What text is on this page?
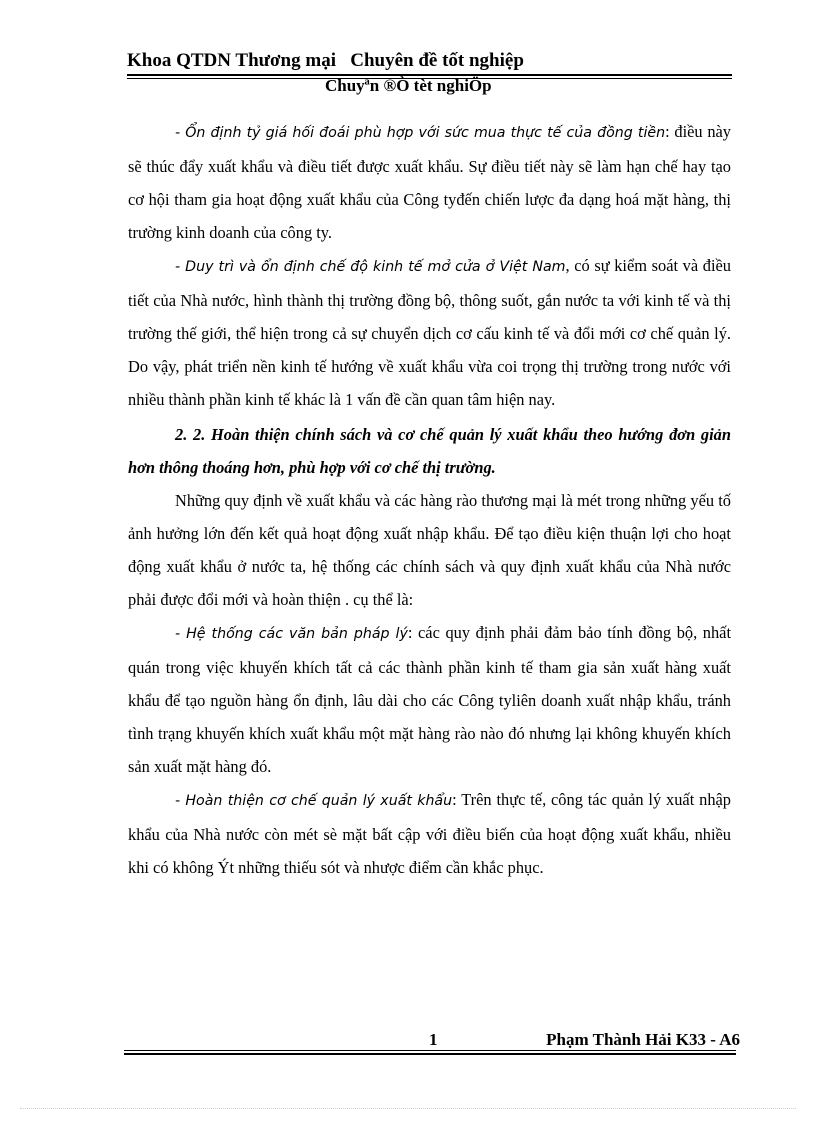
Khoa QTDN Thương mại Chuyên đề tốt nghiệp
Chuyªn ®Ò tèt nghiÖp

- Ổn định tỷ giá hối đoái phù hợp với sức mua thực tế của đồng tiền: điều này sẽ thúc đẩy xuất khẩu và điều tiết được xuất khẩu. Sự điều tiết này sẽ làm hạn chế hay tạo cơ hội tham gia hoạt động xuất khẩu của Công tyđến chiến lược đa dạng hoá mặt hàng, thị trường kinh doanh của công ty.

- Duy trì và ổn định chế độ kinh tế mở cửa ở Việt Nam, có sự kiểm soát và điều tiết của Nhà nước, hình thành thị trường đồng bộ, thông suốt, gắn nước ta với kinh tế và thị trường thế giới, thể hiện trong cả sự chuyển dịch cơ cấu kinh tế và đổi mới cơ chế quản lý. Do vậy, phát triển nền kinh tế hướng về xuất khẩu vừa coi trọng thị trường trong nước với nhiều thành phần kinh tế khác là 1 vấn đề cần quan tâm hiện nay.

2. 2. Hoàn thiện chính sách và cơ chế quản lý xuất khẩu theo hướng đơn giản hơn thông thoáng hơn, phù hợp với cơ chế thị trường.

Những quy định về xuất khẩu và các hàng rào thương mại là mét trong những yếu tố ảnh hưởng lớn đến kết quả hoạt động xuất nhập khẩu. Để tạo điều kiện thuận lợi cho hoạt động xuất khẩu ở nước ta, hệ thống các chính sách và quy định xuất khẩu của Nhà nước phải được đổi mới và hoàn thiện . cụ thể là:

- Hệ thống các văn bản pháp lý: các quy định phải đảm bảo tính đồng bộ, nhất quán trong việc khuyến khích tất cả các thành phần kinh tế tham gia sản xuất hàng xuất khẩu để tạo nguồn hàng ổn định, lâu dài cho các Công tyliên doanh xuất nhập khẩu, tránh tình trạng khuyến khích xuất khẩu một mặt hàng rào nào đó nhưng lại không khuyến khích sản xuất mặt hàng đó.

- Hoàn thiện cơ chế quản lý xuất khẩu: Trên thực tế, công tác quản lý xuất nhập khẩu của Nhà nước còn mét sè mặt bất cập với điều biến của hoạt động xuất khẩu, nhiều khi có không Ýt những thiếu sót và nhược điểm cần khắc phục.

1	Phạm Thành Hải K33 - A6
